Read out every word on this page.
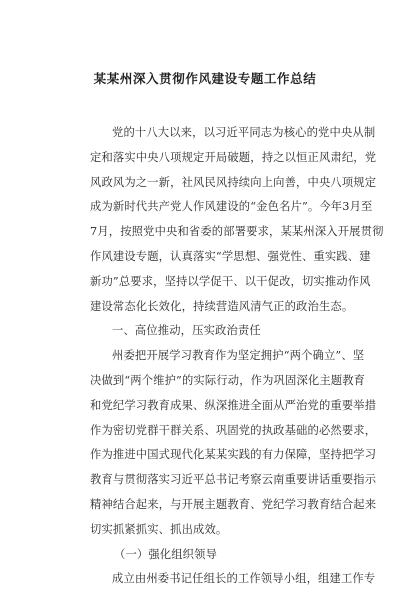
某某州深入贯彻作风建设专题工作总结
党的十八大以来，以习近平同志为核心的党中央从制
定和落实中央八项规定开局破题，持之以恒正风肃纪，党
风政风为之一新，社风民风持续向上向善，中央八项规定
成为新时代共产党人作风建设的“金色名片”。今年3月至
7月，按照党中央和省委的部署要求，某某州深入开展贯彻
作风建设专题，认真落实“学思想、强党性、重实践、建
新功”总要求，坚持以学促干、以干促改，切实推动作风
建设常态化长效化，持续营造风清气正的政治生态。
一、高位推动，压实政治责任
州委把开展学习教育作为坚定拥护“两个确立”、坚
决做到“两个维护”的实际行动，作为巩固深化主题教育
和党纪学习教育成果、纵深推进全面从严治党的重要举措
作为密切党群干群关系、巩固党的执政基础的必然要求，
作为推进中国式现代化某某实践的有力保障，坚持把学习
教育与贯彻落实习近平总书记考察云南重要讲话重要指示
精神结合起来，与开展主题教育、党纪学习教育结合起来
切实抓紧抓实、抓出成效。
（一）强化组织领导
成立由州委书记任组长的工作领导小组，组建工作专
